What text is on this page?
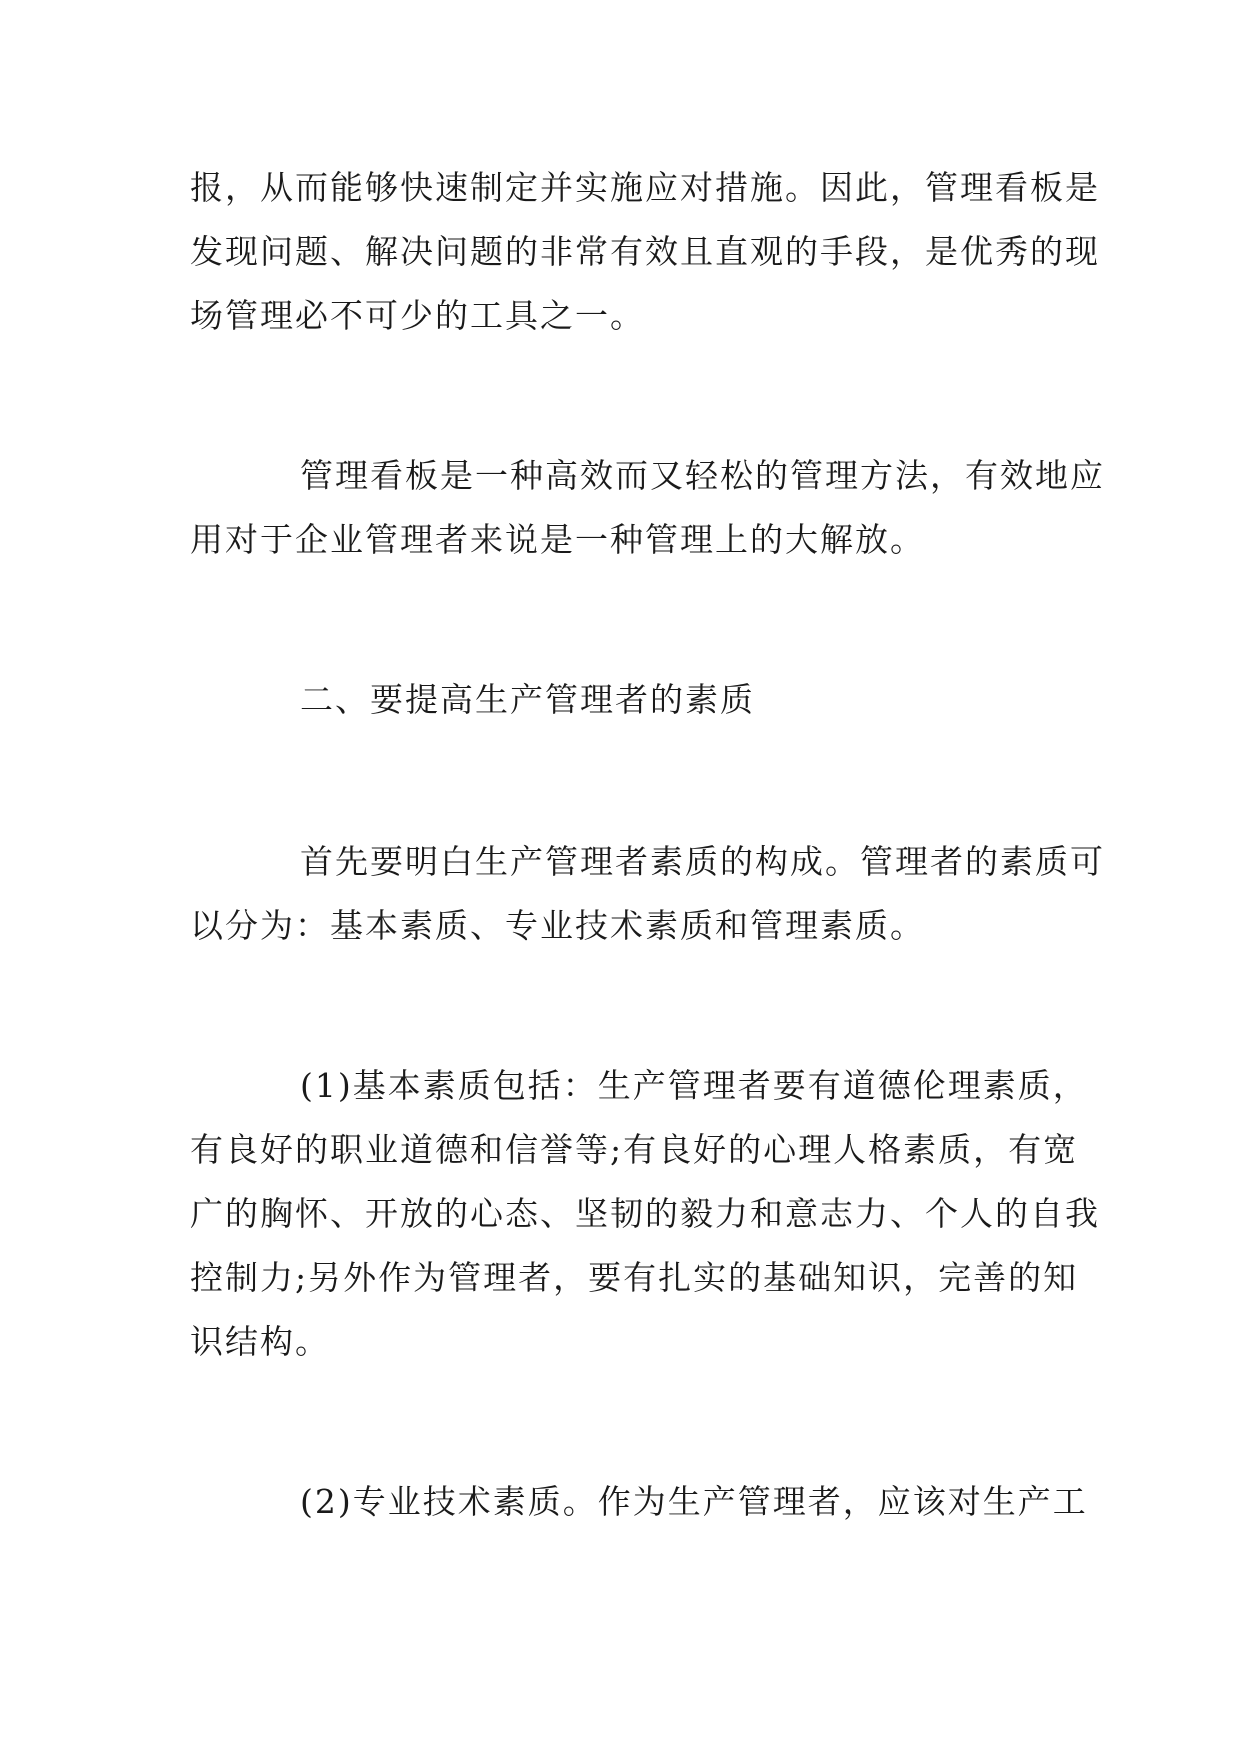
报，从而能够快速制定并实施应对措施。因此，管理看板是
发现问题、解决问题的非常有效且直观的手段，是优秀的现
场管理必不可少的工具之一。
管理看板是一种高效而又轻松的管理方法，有效地应
用对于企业管理者来说是一种管理上的大解放。
二、要提高生产管理者的素质
首先要明白生产管理者素质的构成。管理者的素质可
以分为：基本素质、专业技术素质和管理素质。
(1)基本素质包括：生产管理者要有道德伦理素质，
有良好的职业道德和信誉等;有良好的心理人格素质，有宽
广的胸怀、开放的心态、坚韧的毅力和意志力、个人的自我
控制力;另外作为管理者，要有扎实的基础知识，完善的知
识结构。
(2)专业技术素质。作为生产管理者，应该对生产工
